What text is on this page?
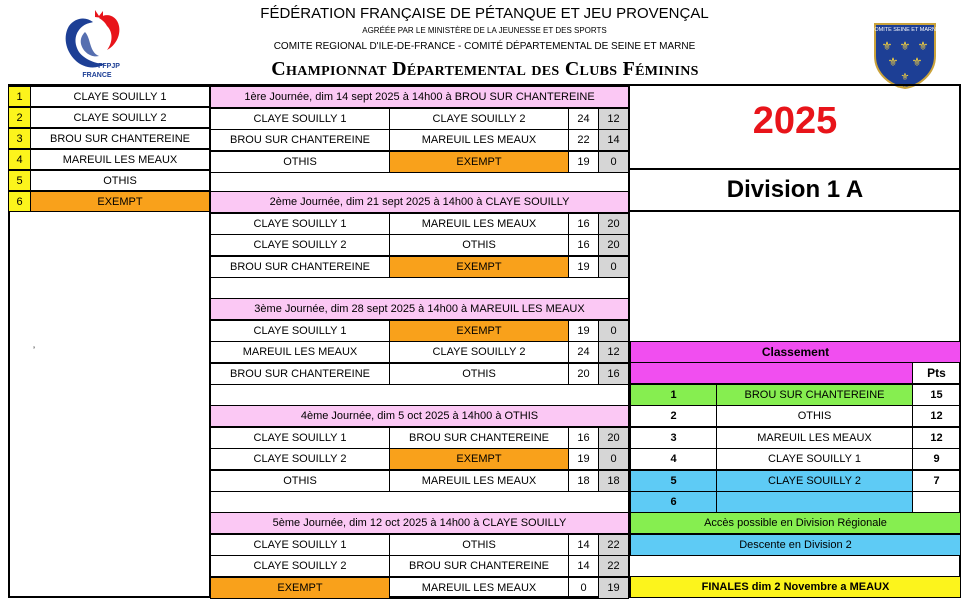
FFPJP
FRANCE
COMITE SEINE ET MARNE
⚜ ⚜ ⚜
⚜ ⚜
⚜
FFPJP
FÉDÉRATION FRANÇAISE DE PÉTANQUE ET JEU PROVENÇAL
AGRÉÉE PAR LE MINISTÈRE DE LA JEUNESSE ET DES SPORTS
COMITE REGIONAL D'ILE-DE-FRANCE - COMITÉ DÉPARTEMENTAL DE SEINE ET MARNE
Championnat Départemental des Clubs Féminins
2025
Division 1 A
’
1	CLAYE SOUILLY 1
2	CLAYE SOUILLY 2
3	BROU SUR CHANTEREINE
4	MAREUIL LES MEAUX
5	OTHIS
6	EXEMPT
1ère Journée, dim 14 sept 2025 à 14h00 à BROU SUR CHANTEREINE
CLAYE SOUILLY 1	CLAYE SOUILLY 2	24	12
BROU SUR CHANTEREINE	MAREUIL LES MEAUX	22	14
OTHIS	EXEMPT	19	0
2ème Journée, dim 21 sept 2025 à 14h00 à CLAYE SOUILLY
CLAYE SOUILLY 1	MAREUIL LES MEAUX	16	20
CLAYE SOUILLY 2	OTHIS	16	20
BROU SUR CHANTEREINE	EXEMPT	19	0
3ème Journée, dim 28 sept 2025 à 14h00 à MAREUIL LES MEAUX
CLAYE SOUILLY 1	EXEMPT	19	0
MAREUIL LES MEAUX	CLAYE SOUILLY 2	24	12
BROU SUR CHANTEREINE	OTHIS	20	16
4ème Journée, dim 5 oct 2025 à 14h00 à OTHIS
CLAYE SOUILLY 1	BROU SUR CHANTEREINE	16	20
CLAYE SOUILLY 2	EXEMPT	19	0
OTHIS	MAREUIL LES MEAUX	18	18
5ème Journée, dim 12 oct 2025 à 14h00 à CLAYE SOUILLY
CLAYE SOUILLY 1	OTHIS	14	22
CLAYE SOUILLY 2	BROU SUR CHANTEREINE	14	22
EXEMPT	MAREUIL LES MEAUX	0	19
Classement
Pts
1	BROU SUR CHANTEREINE	15
2	OTHIS	12
3	MAREUIL LES MEAUX	12
4	CLAYE SOUILLY 1	9
5	CLAYE SOUILLY 2	7
6
Accès possible en Division Régionale
Descente en Division 2
FINALES dim 2 Novembre a MEAUX
